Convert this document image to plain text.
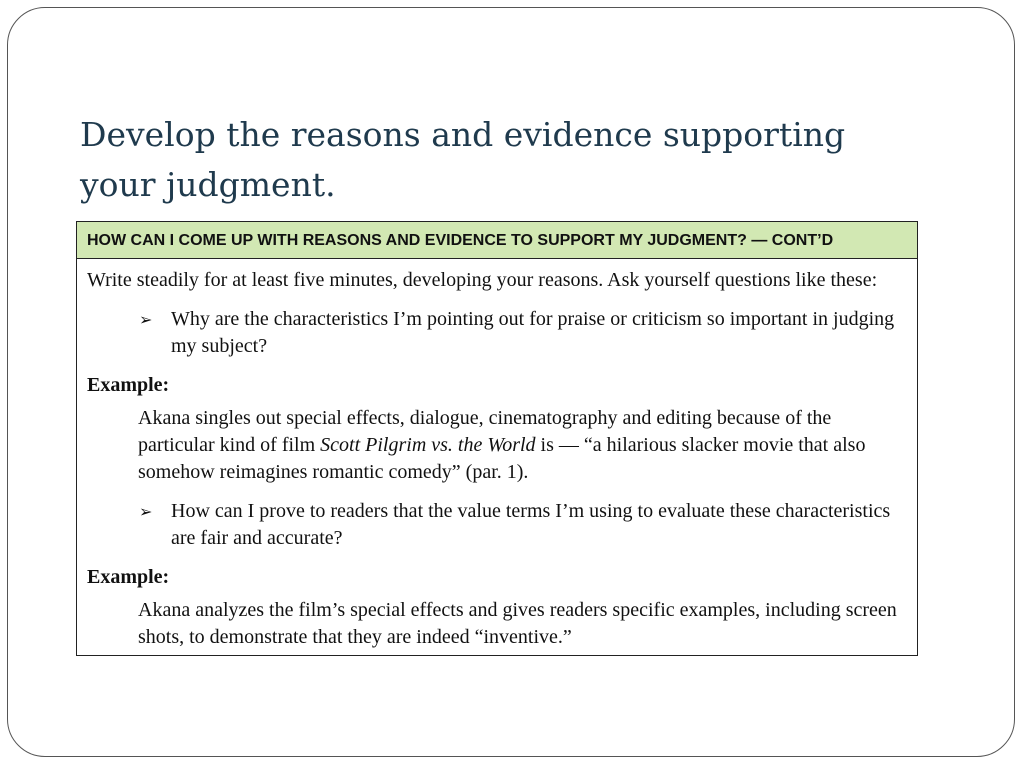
Develop the reasons and evidence supporting your judgment.
HOW CAN I COME UP WITH REASONS AND EVIDENCE TO SUPPORT MY JUDGMENT? — CONT’D

Write steadily for at least five minutes, developing your reasons. Ask yourself questions like these:

➢ Why are the characteristics I’m pointing out for praise or criticism so important in judging my subject?
Example:

Akana singles out special effects, dialogue, cinematography and editing because of the particular kind of film Scott Pilgrim vs. the World is — “a hilarious slacker movie that also somehow reimagines romantic comedy” (par. 1).

➢ How can I prove to readers that the value terms I’m using to evaluate these characteristics are fair and accurate?
Example:

Akana analyzes the film’s special effects and gives readers specific examples, including screen shots, to demonstrate that they are indeed “inventive.”
